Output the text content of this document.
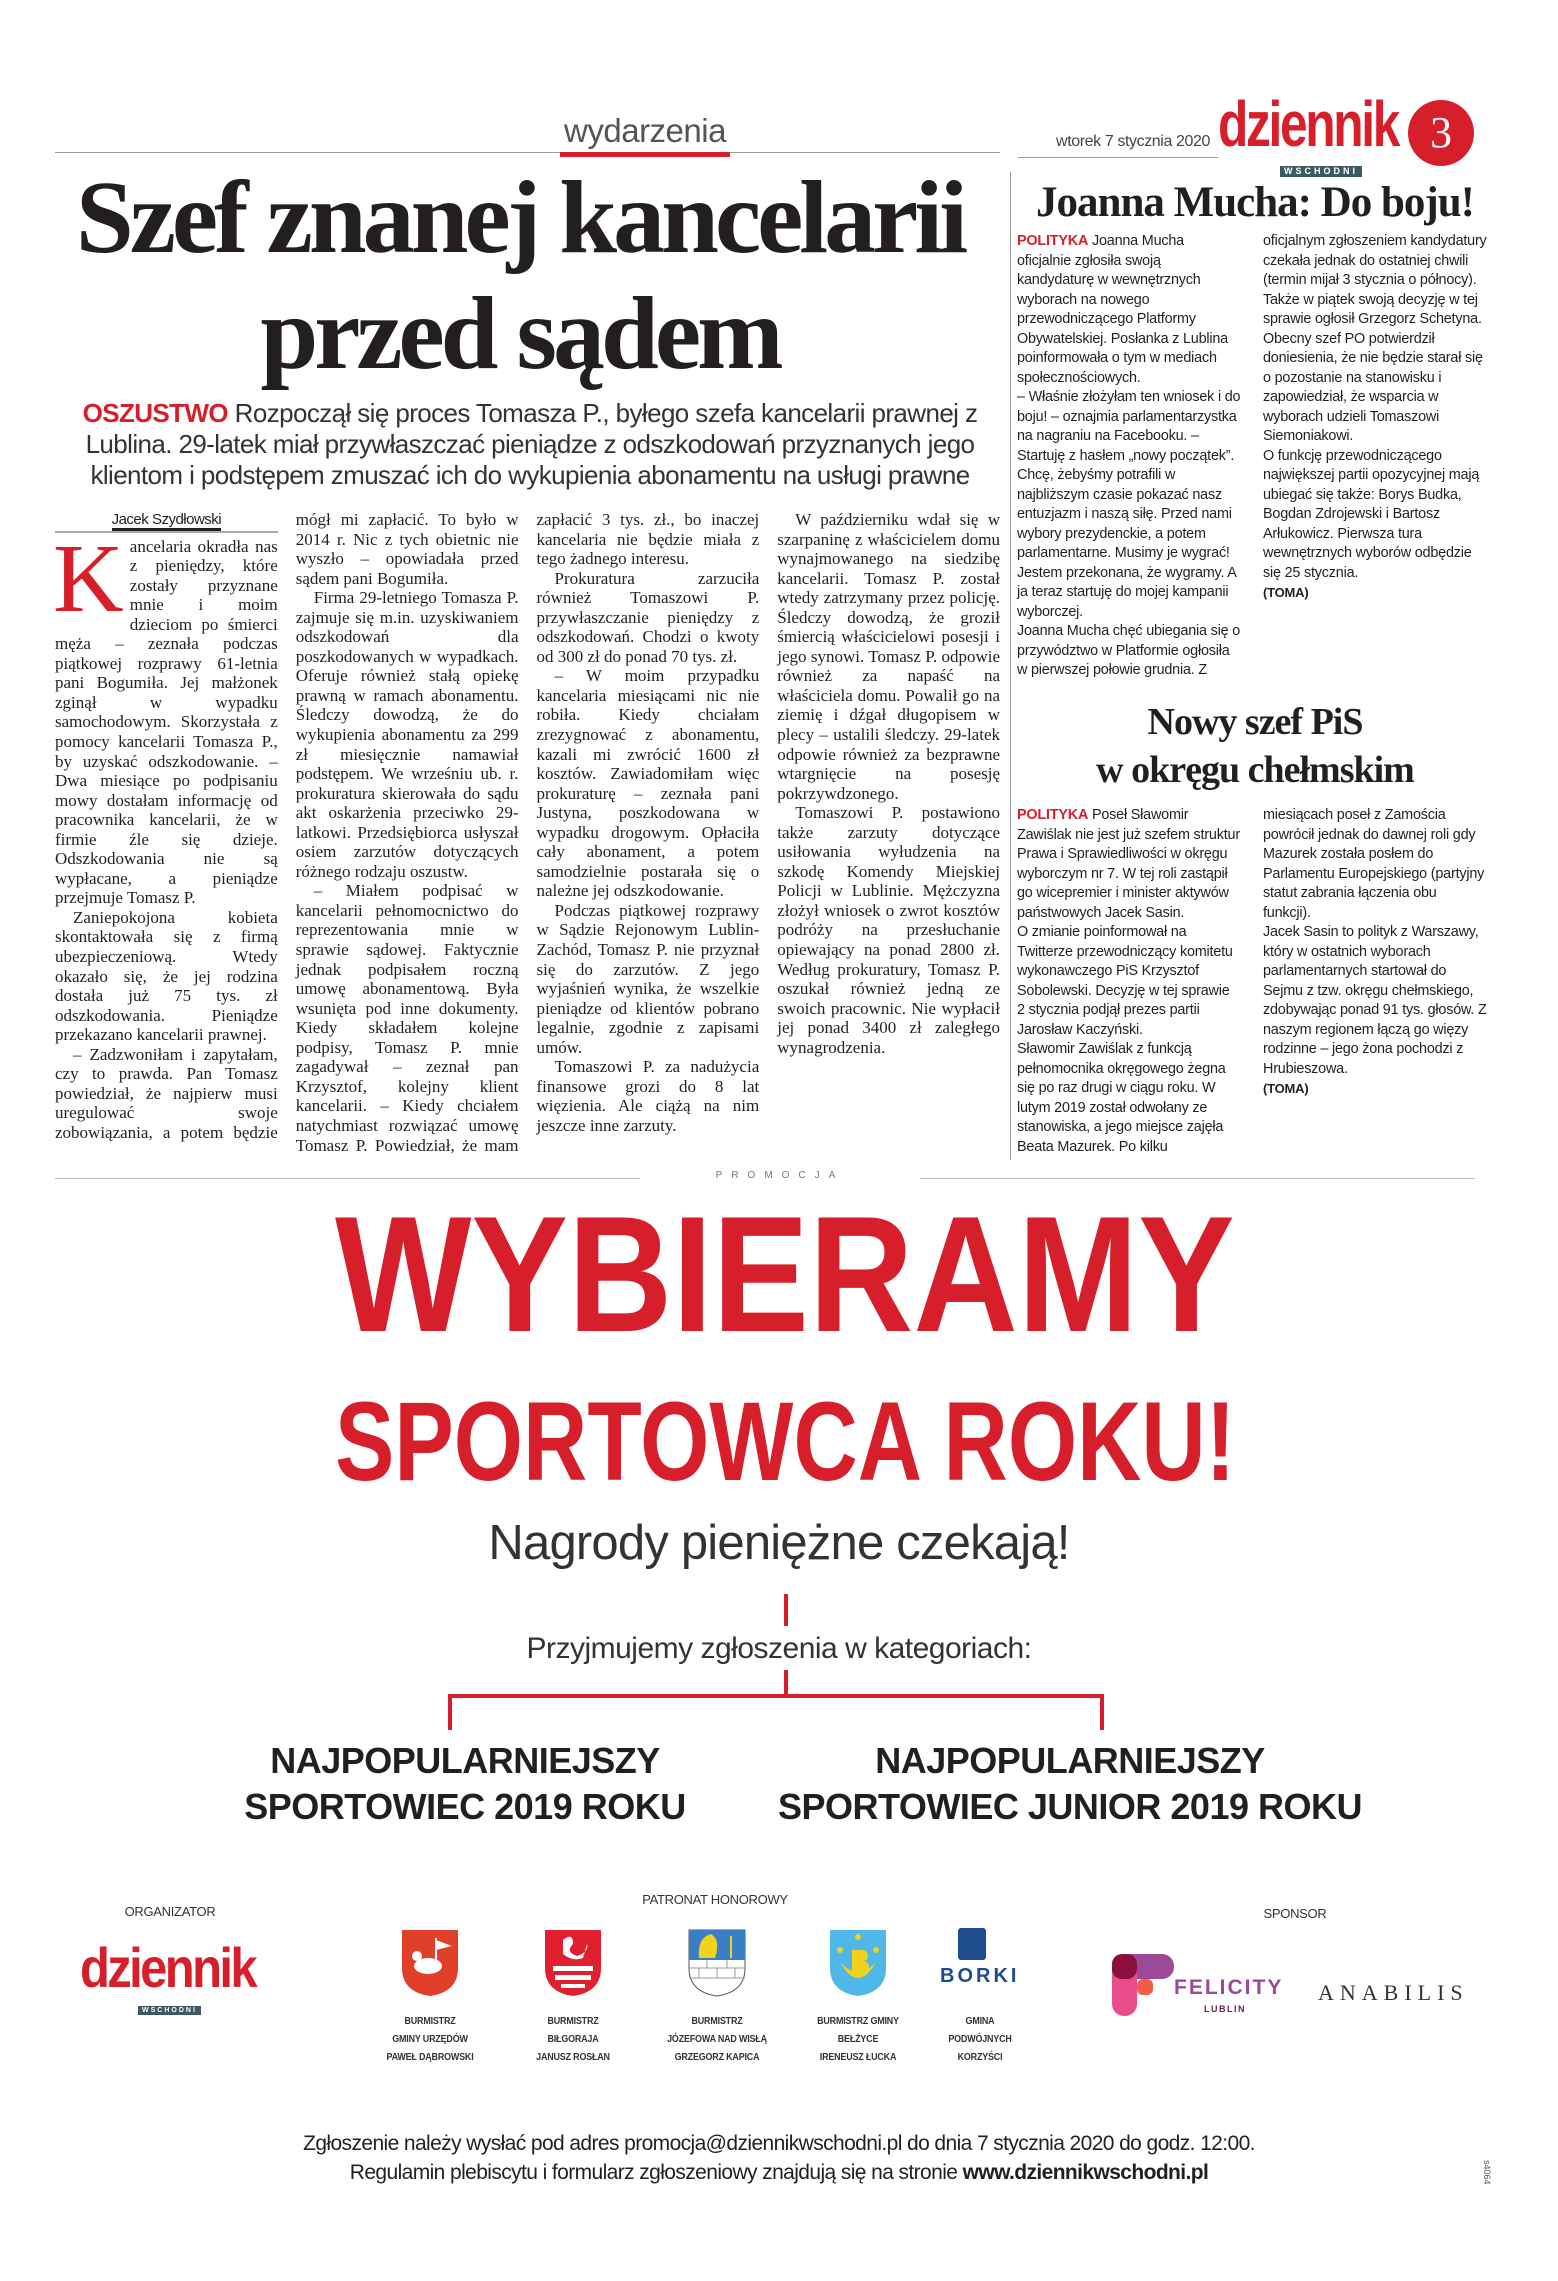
wydarzenia	wtorek 7 stycznia 2020 dziennik
WSCHODNI
3
Szef znanej kancelarii
przed sądem
OSZUSTWO Rozpoczął się proces Tomasza P., byłego szefa kancelarii prawnej z Lublina. 29-latek miał przywłaszczać pieniądze z odszkodowań przyznanych jego klientom i podstępem zmuszać ich do wykupienia abonamentu na usługi prawne
Jacek Szydłowski

Kancelaria okradła nas z pieniędzy, które zostały przyznane mnie i moim dzieciom po śmierci męża – zeznała podczas piątkowej rozprawy 61-letnia pani Bogumiła. Jej małżonek zginął w wypadku samochodowym. Skorzystała z pomocy kancelarii Tomasza P., by uzyskać odszkodowanie. – Dwa miesiące po podpisaniu mowy dostałam informację od pracownika kancelarii, że w firmie źle się dzieje. Odszkodowania nie są wypłacane, a pieniądze przejmuje Tomasz P.

Zaniepokojona kobieta skontaktowała się z firmą ubezpieczeniową. Wtedy okazało się, że jej rodzina dostała już 75 tys. zł odszkodowania. Pieniądze przekazano kancelarii prawnej.

– Zadzwoniłam i zapytałam, czy to prawda. Pan Tomasz powiedział, że najpierw musi uregulować swoje zobowiązania, a potem będzie mógł mi zapłacić. To było w 2014 r. Nic z tych obietnic nie wyszło – opowiadała przed sądem pani Bogumiła.

Firma 29-letniego Tomasza P. zajmuje się m.in. uzyskiwaniem odszkodowań dla poszkodowanych w wypadkach. Oferuje również stałą opiekę prawną w ramach abonamentu. Śledczy dowodzą, że do wykupienia abonamentu za 299 zł miesięcznie namawiał podstępem. We wrześniu ub. r. prokuratura skierowała do sądu akt oskarżenia przeciwko 29-latkowi. Przedsiębiorca usłyszał osiem zarzutów dotyczących różnego rodzaju oszustw.

– Miałem podpisać w kancelarii pełnomocnictwo do reprezentowania mnie w sprawie sądowej. Faktycznie jednak podpisałem roczną umowę abonamentową. Była wsunięta pod inne dokumenty. Kiedy składałem kolejne podpisy, Tomasz P. mnie zagadywał – zeznał pan Krzysztof, kolejny klient kancelarii. – Kiedy chciałem natychmiast rozwiązać umowę Tomasz P. Powiedział, że mam zapłacić 3 tys. zł., bo inaczej kancelaria nie będzie miała z tego żadnego interesu.

Prokuratura zarzuciła również Tomaszowi P. przywłaszczanie pieniędzy z odszkodowań. Chodzi o kwoty od 300 zł do ponad 70 tys. zł.

– W moim przypadku kancelaria miesiącami nic nie robiła. Kiedy chciałam zrezygnować z abonamentu, kazali mi zwrócić 1600 zł kosztów. Zawiadomiłam więc prokuraturę – zeznała pani Justyna, poszkodowana w wypadku drogowym. Opłaciła cały abonament, a potem samodzielnie postarała się o należne jej odszkodowanie.

Podczas piątkowej rozprawy w Sądzie Rejonowym Lublin-Zachód, Tomasz P. nie przyznał się do zarzutów. Z jego wyjaśnień wynika, że wszelkie pieniądze od klientów pobrano legalnie, zgodnie z zapisami umów.

Tomaszowi P. za nadużycia finansowe grozi do 8 lat więzienia. Ale ciążą na nim jeszcze inne zarzuty.

W październiku wdał się w szarpaninę z właścicielem domu wynajmowanego na siedzibę kancelarii. Tomasz P. został wtedy zatrzymany przez policję. Śledczy dowodzą, że groził śmiercią właścicielowi posesji i jego synowi. Tomasz P. odpowie również za napaść na właściciela domu. Powalił go na ziemię i dźgał długopisem w plecy – ustalili śledczy. 29-latek odpowie również za bezprawne wtargnięcie na posesję pokrzywdzonego.

Tomaszowi P. postawiono także zarzuty dotyczące usiłowania wyłudzenia na szkodę Komendy Miejskiej Policji w Lublinie. Mężczyzna złożył wniosek o zwrot kosztów podróży na przesłuchanie opiewający na ponad 2800 zł. Według prokuratury, Tomasz P. oszukał również jedną ze swoich pracownic. Nie wypłacił jej ponad 3400 zł zaległego wynagrodzenia.

Joanna Mucha: Do boju!

POLITYKA Joanna Mucha oficjalnie zgłosiła swoją kandydaturę w wewnętrznych wyborach na nowego przewodniczącego Platformy Obywatelskiej. Posłanka z Lublina poinformowała o tym w mediach społecznościowych.

– Właśnie złożyłam ten wniosek i do boju! – oznajmia parlamentarzystka na nagraniu na Facebooku. – Startuję z hasłem „nowy początek”. Chcę, żebyśmy potrafili w najbliższym czasie pokazać nasz entuzjazm i naszą siłę. Przed nami wybory prezydenckie, a potem parlamentarne. Musimy je wygrać! Jestem przekonana, że wygramy. A ja teraz startuję do mojej kampanii wyborczej.

Joanna Mucha chęć ubiegania się o przywództwo w Platformie ogłosiła w pierwszej połowie grudnia. Z oficjalnym zgłoszeniem kandydatury czekała jednak do ostatniej chwili (termin mijał 3 stycznia o północy).

Także w piątek swoją decyzję w tej sprawie ogłosił Grzegorz Schetyna. Obecny szef PO potwierdził doniesienia, że nie będzie starał się o pozostanie na stanowisku i zapowiedział, że wsparcia w wyborach udzieli Tomaszowi Siemoniakowi.

O funkcję przewodniczącego największej partii opozycyjnej mają ubiegać się także: Borys Budka, Bogdan Zdrojewski i Bartosz Arłukowicz. Pierwsza tura wewnętrznych wyborów odbędzie się 25 stycznia.

(TOMA)

Nowy szef PiS
w okręgu chełmskim

POLITYKA Poseł Sławomir Zawiślak nie jest już szefem struktur Prawa i Sprawiedliwości w okręgu wyborczym nr 7. W tej roli zastąpił go wicepremier i minister aktywów państwowych Jacek Sasin.

O zmianie poinformował na Twitterze przewodniczący komitetu wykonawczego PiS Krzysztof Sobolewski. Decyzję w tej sprawie 2 stycznia podjął prezes partii Jarosław Kaczyński.

Sławomir Zawiślak z funkcją pełnomocnika okręgowego żegna się po raz drugi w ciągu roku. W lutym 2019 został odwołany ze stanowiska, a jego miejsce zajęła Beata Mazurek. Po kilku miesiącach poseł z Zamościa powrócił jednak do dawnej roli gdy Mazurek została posłem do Parlamentu Europejskiego (partyjny statut zabrania łączenia obu funkcji).

Jacek Sasin to polityk z Warszawy, który w ostatnich wyborach parlamentarnych startował do Sejmu z tzw. okręgu chełmskiego, zdobywając ponad 91 tys. głosów. Z naszym regionem łączą go więzy rodzinne – jego żona pochodzi z Hrubieszowa.

(TOMA)

PROMOCJA
WYBIERAMY
SPORTOWCA ROKU!
Nagrody pieniężne czekają!
Przyjmujemy zgłoszenia w kategoriach:
NAJPOPULARNIEJSZY
SPORTOWIEC 2019 ROKU
NAJPOPULARNIEJSZY
SPORTOWIEC JUNIOR 2019 ROKU
ORGANIZATOR
dziennik
WSCHODNI
PATRONAT HONOROWY
BORKI
BURMISTRZ
GMINY URZĘDÓW
PAWEŁ DĄBROWSKI
BURMISTRZ
BIŁGORAJA
JANUSZ ROSŁAN
BURMISTRZ
JÓZEFOWA NAD WISŁĄ
GRZEGORZ KAPICA
BURMISTRZ GMINY
BEŁŻYCE
IRENEUSZ ŁUCKA
GMINA
PODWÓJNYCH
KORZYŚCI
SPONSOR
FELICITY
LUBLIN
ANABILIS
Zgłoszenie należy wysłać pod adres promocja@dziennikwschodni.pl do dnia 7 stycznia 2020 do godz. 12:00.
Regulamin plebiscytu i formularz zgłoszeniowy znajdują się na stronie www.dziennikwschodni.pl	s4064
